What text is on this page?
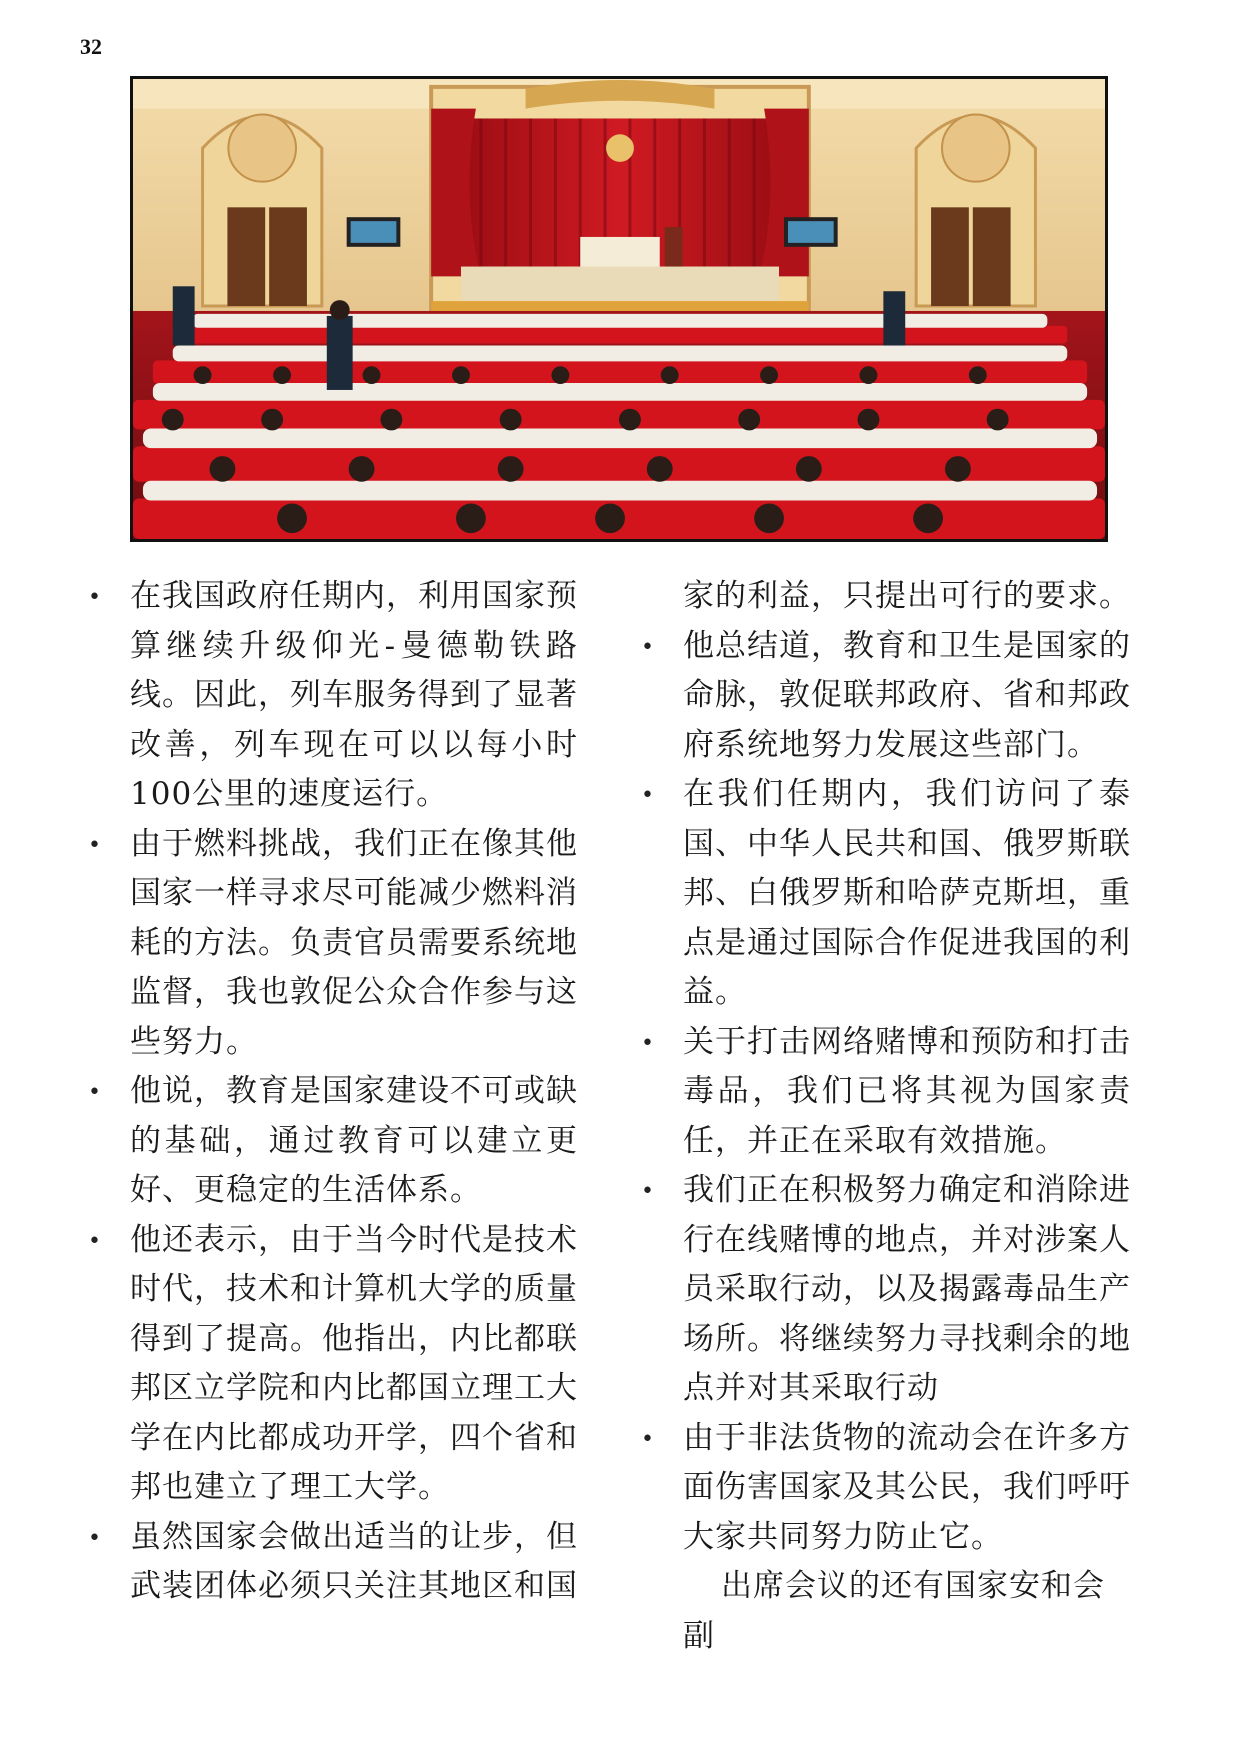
32
• 在我国政府任期内，利用国家预算继续升级仰光-曼德勒铁路线。因此，列车服务得到了显著改善，列车现在可以以每小时100公里的速度运行。
• 由于燃料挑战，我们正在像其他国家一样寻求尽可能减少燃料消耗的方法。负责官员需要系统地监督，我也敦促公众合作参与这些努力。
• 他说，教育是国家建设不可或缺的基础，通过教育可以建立更好、更稳定的生活体系。
• 他还表示，由于当今时代是技术时代，技术和计算机大学的质量得到了提高。他指出，内比都联邦区立学院和内比都国立理工大学在内比都成功开学，四个省和邦也建立了理工大学。
• 虽然国家会做出适当的让步，但武装团体必须只关注其地区和国
家的利益，只提出可行的要求。
• 他总结道，教育和卫生是国家的命脉，敦促联邦政府、省和邦政府系统地努力发展这些部门。
• 在我们任期内，我们访问了泰国、中华人民共和国、俄罗斯联邦、白俄罗斯和哈萨克斯坦，重点是通过国际合作促进我国的利益。
• 关于打击网络赌博和预防和打击毒品，我们已将其视为国家责任，并正在采取有效措施。
• 我们正在积极努力确定和消除进行在线赌博的地点，并对涉案人员采取行动，以及揭露毒品生产场所。将继续努力寻找剩余的地点并对其采取行动
• 由于非法货物的流动会在许多方面伤害国家及其公民，我们呼吁大家共同努力防止它。

出席会议的还有国家安和会副
